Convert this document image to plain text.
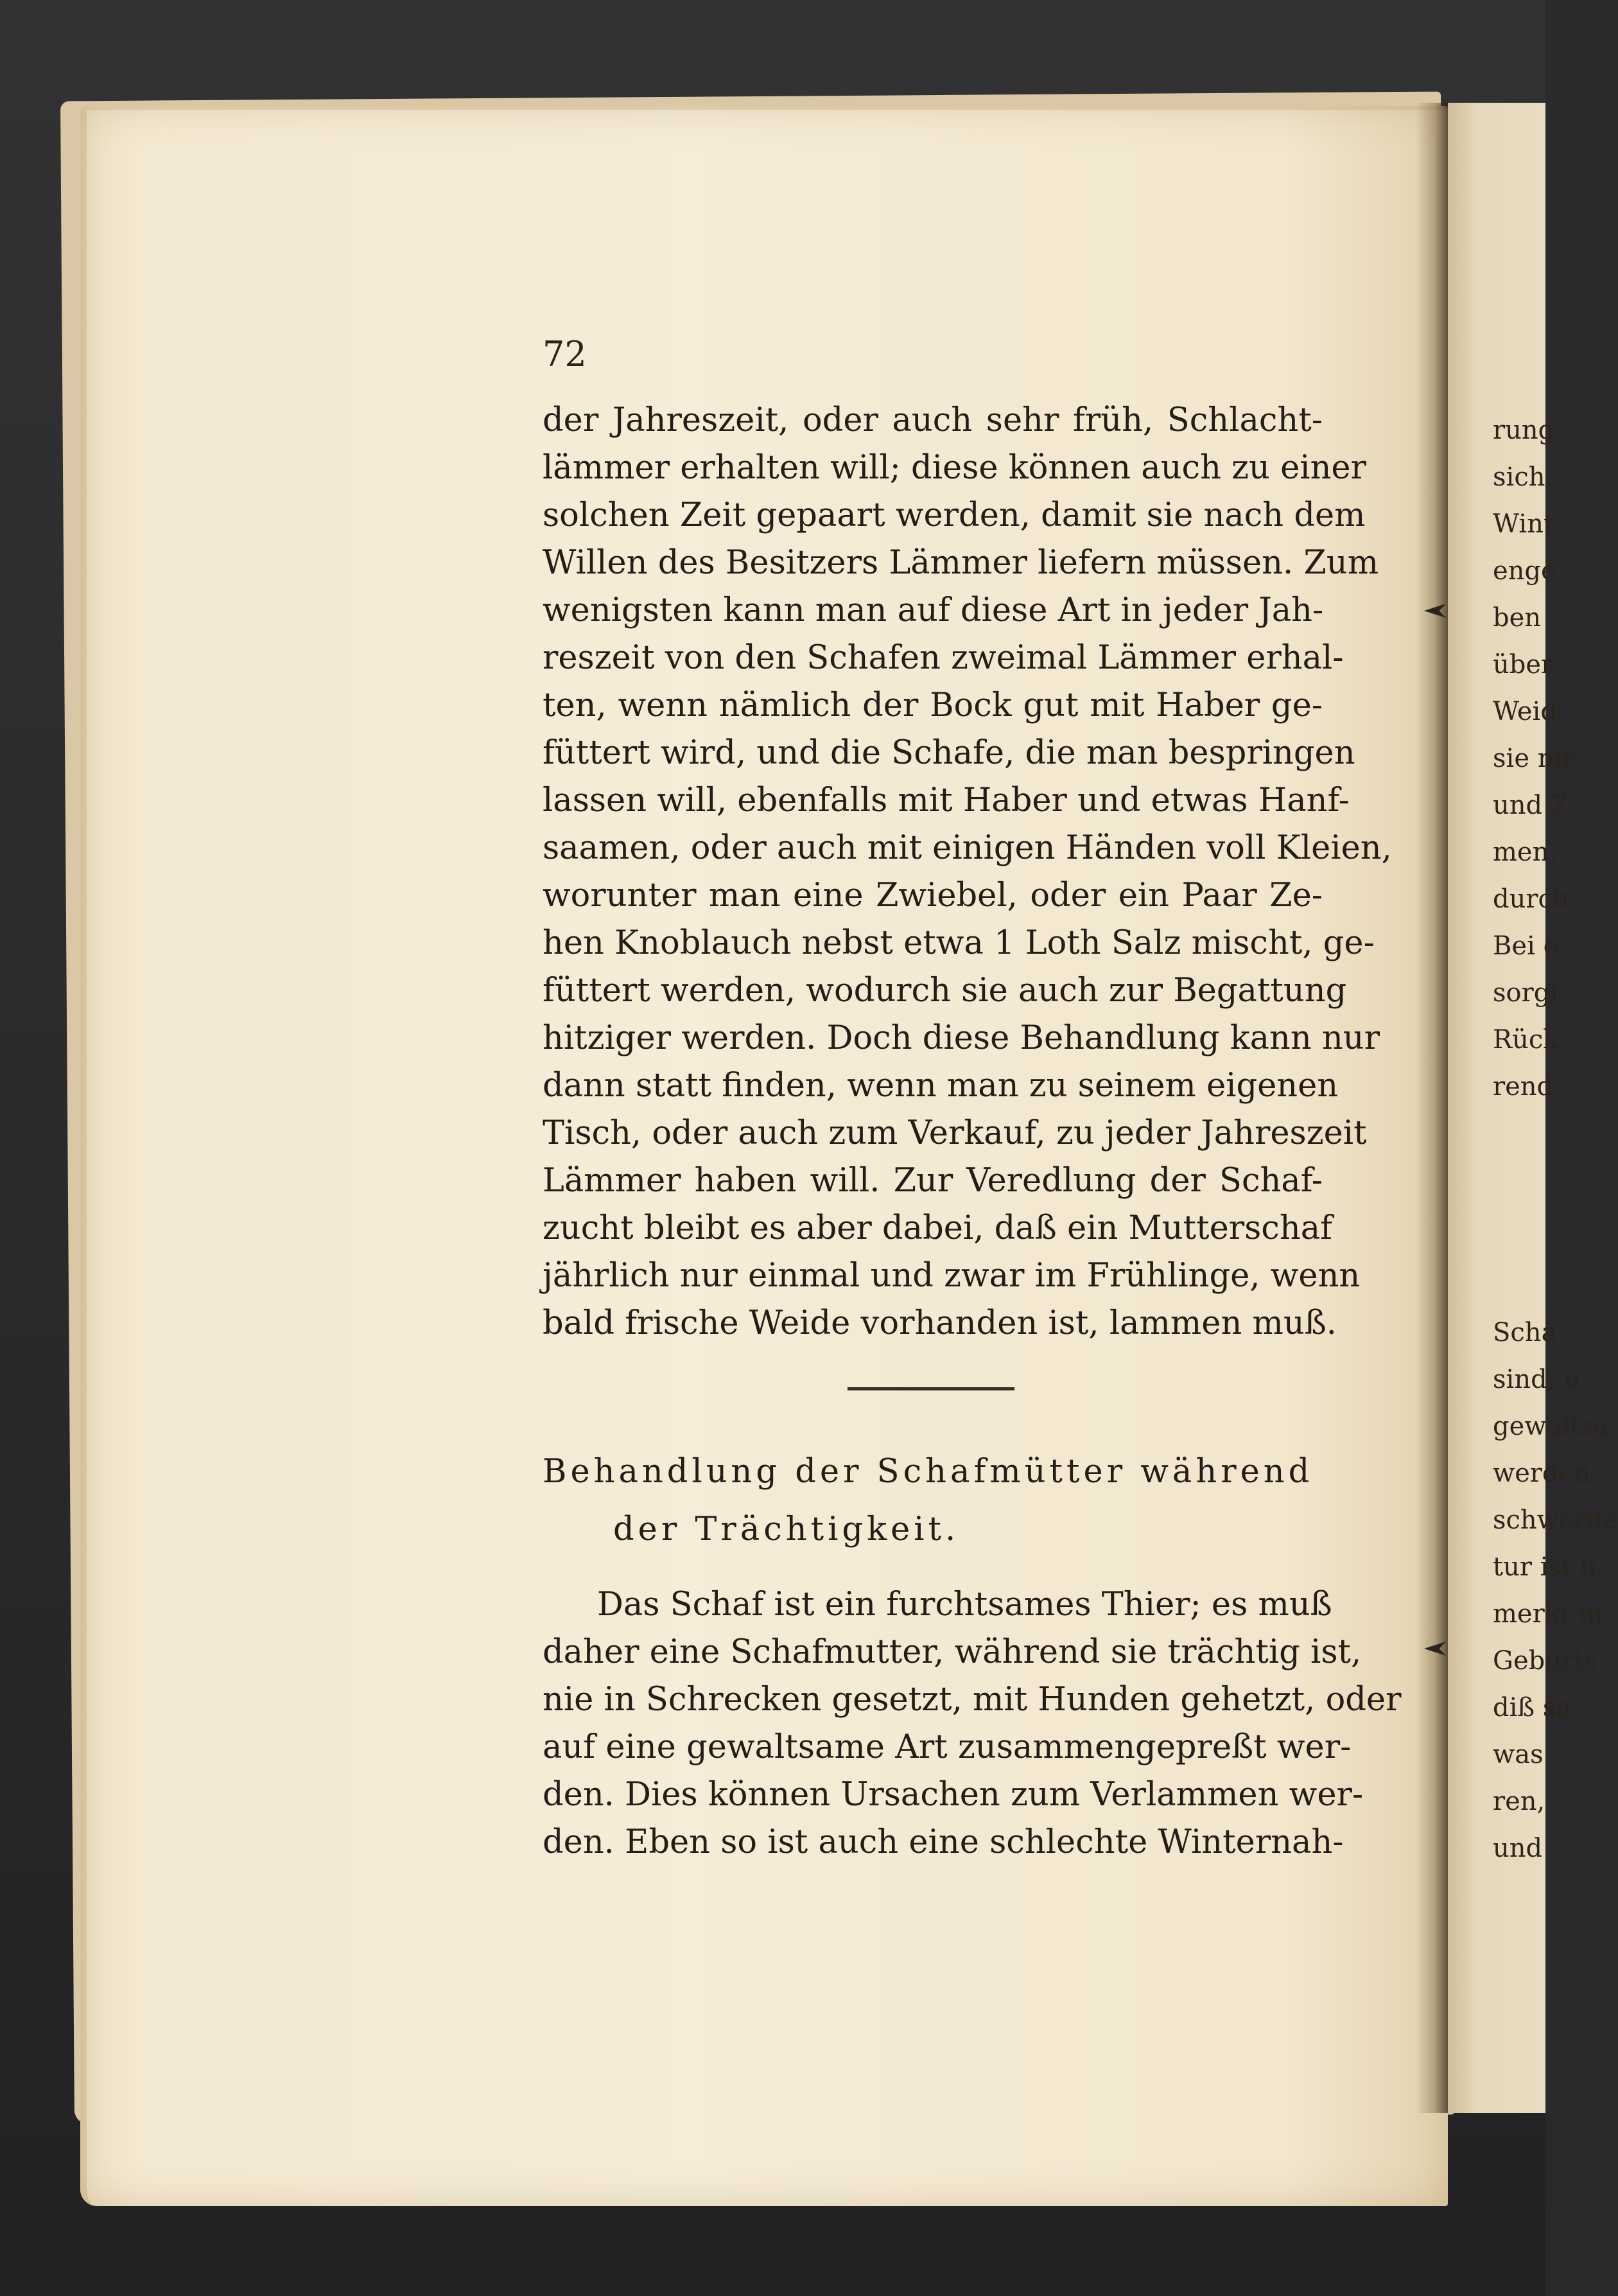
72
der Jahreszeit, oder auch sehr früh, Schlacht-
lämmer erhalten will; diese können auch zu einer
solchen Zeit gepaart werden, damit sie nach dem
Willen des Besitzers Lämmer liefern müssen. Zum
wenigsten kann man auf diese Art in jeder Jah-
reszeit von den Schafen zweimal Lämmer erhal-
ten, wenn nämlich der Bock gut mit Haber ge-
füttert wird, und die Schafe, die man bespringen
lassen will, ebenfalls mit Haber und etwas Hanf-
saamen, oder auch mit einigen Händen voll Kleien,
worunter man eine Zwiebel, oder ein Paar Ze-
hen Knoblauch nebst etwa 1 Loth Salz mischt, ge-
füttert werden, wodurch sie auch zur Begattung
hitziger werden. Doch diese Behandlung kann nur
dann statt finden, wenn man zu seinem eigenen
Tisch, oder auch zum Verkauf, zu jeder Jahreszeit
Lämmer haben will. Zur Veredlung der Schaf-
zucht bleibt es aber dabei, daß ein Mutterschaf
jährlich nur einmal und zwar im Frühlinge, wenn
bald frische Weide vorhanden ist, lammen muß.
Behandlung der Schafmütter während
der Trächtigkeit.
Das Schaf ist ein furchtsames Thier; es muß
daher eine Schafmutter, während sie trächtig ist,
nie in Schrecken gesetzt, mit Hunden gehetzt, oder
auf eine gewaltsame Art zusammengepreßt wer-
den. Dies können Ursachen zum Verlammen wer-
den. Eben so ist auch eine schlechte Winternah-
rung
sich
Wint
enge
ben
über
Weid
sie nic
und Z
men,
durch
Bei e
sorgf
Rück
rend
Scha
sind, u
gewaltsa
werden
schwerde
tur ist h
merkt m
Geburts
diß sa
was
ren,
und
